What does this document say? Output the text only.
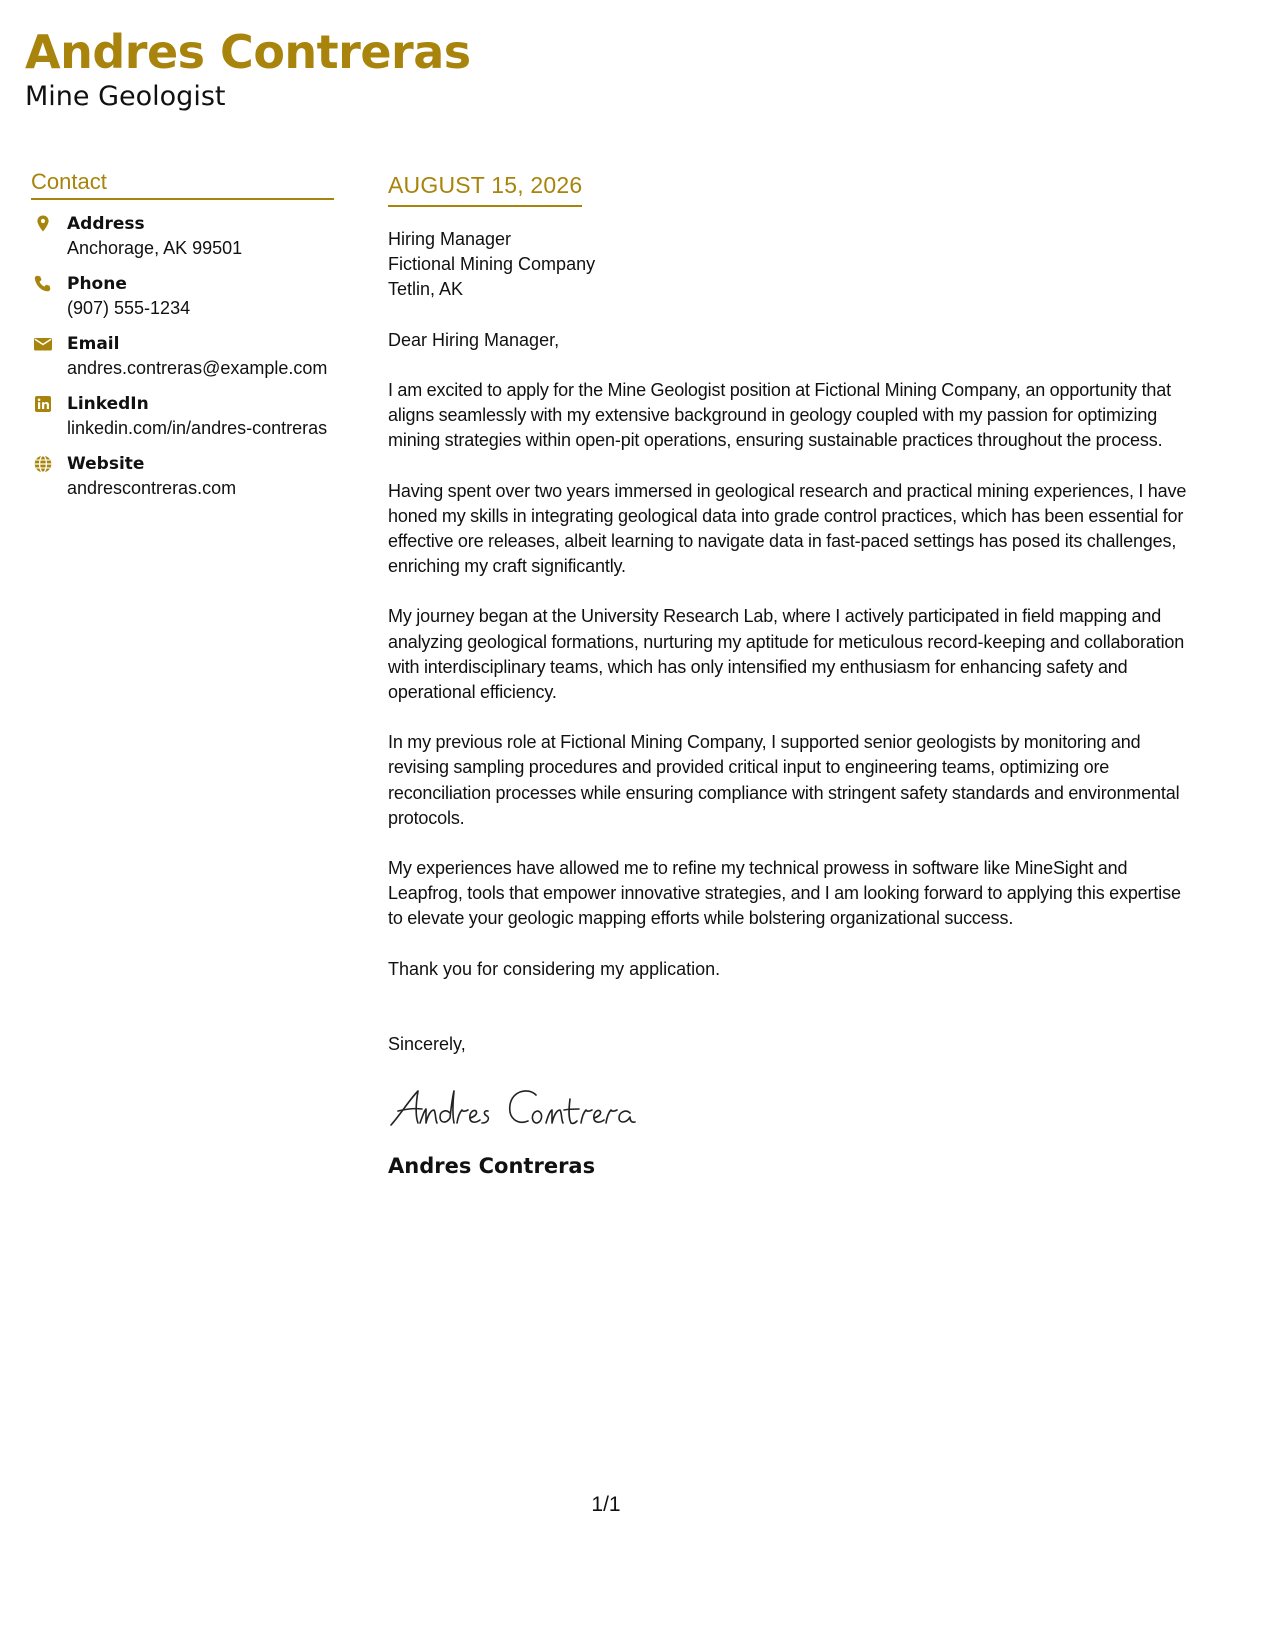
Andres Contreras
Mine Geologist
Contact
Address
Anchorage, AK 99501
Phone
(907) 555-1234
Email
andres.contreras@example.com
LinkedIn
linkedin.com/in/andres-contreras
Website
andrescontreras.com
AUGUST 15, 2026
Hiring Manager
Fictional Mining Company
Tetlin, AK
Dear Hiring Manager,

I am excited to apply for the Mine Geologist position at Fictional Mining Company, an opportunity that aligns seamlessly with my extensive background in geology coupled with my passion for optimizing mining strategies within open-pit operations, ensuring sustainable practices throughout the process.

Having spent over two years immersed in geological research and practical mining experiences, I have honed my skills in integrating geological data into grade control practices, which has been essential for effective ore releases, albeit learning to navigate data in fast-paced settings has posed its challenges, enriching my craft significantly.

My journey began at the University Research Lab, where I actively participated in field mapping and analyzing geological formations, nurturing my aptitude for meticulous record-keeping and collaboration with interdisciplinary teams, which has only intensified my enthusiasm for enhancing safety and operational efficiency.

In my previous role at Fictional Mining Company, I supported senior geologists by monitoring and revising sampling procedures and provided critical input to engineering teams, optimizing ore reconciliation processes while ensuring compliance with stringent safety standards and environmental protocols.

My experiences have allowed me to refine my technical prowess in software like MineSight and Leapfrog, tools that empower innovative strategies, and I am looking forward to applying this expertise to elevate your geologic mapping efforts while bolstering organizational success.

Thank you for considering my application.
Sincerely,
Andres Contreras
1/1
